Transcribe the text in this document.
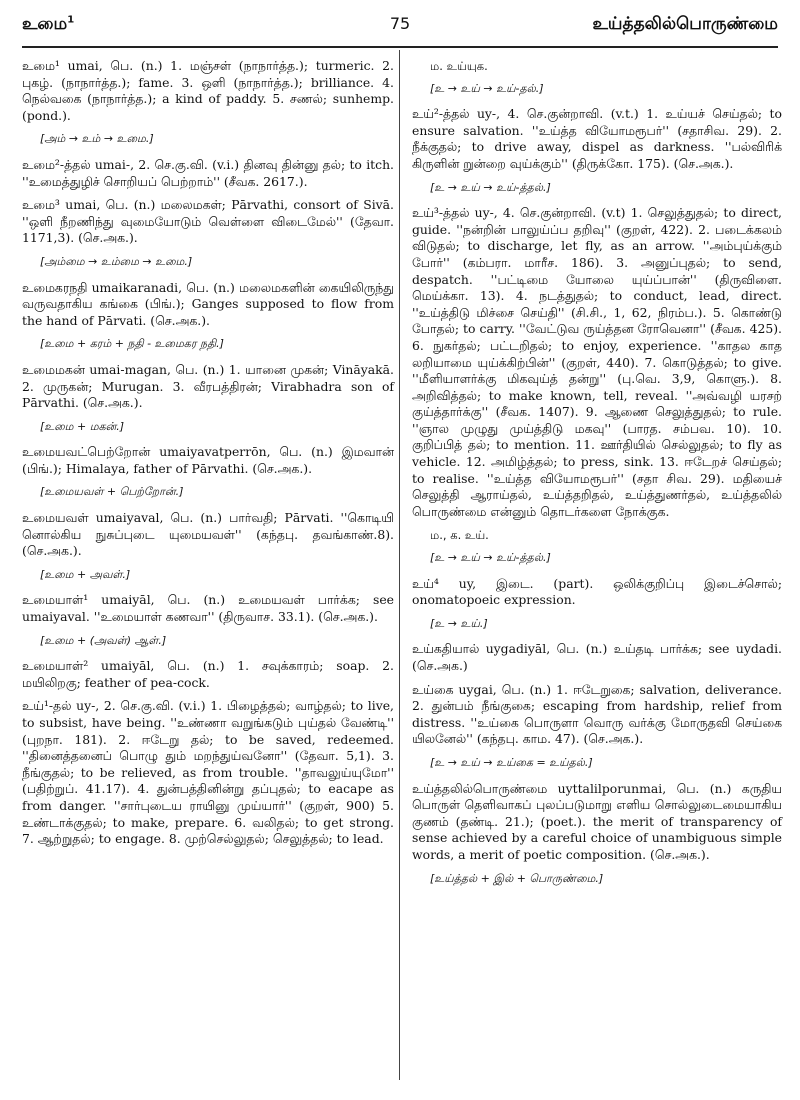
உமை$^1$	75	உய்த்தலில்பொருண்மை

உமை¹ umai, பெ. (n.) 1. மஞ்சள் (நாநார்த்த.); turmeric. 2. புகழ். (நாநார்த்த.); fame. 3. ஒளி (நாநார்த்த.); brilliance. 4. நெல்வகை (நாநார்த்த.); a kind of paddy. 5. சணல்; sunhemp. (pond.).

[அம் → உம் → உமை.]

உமை²-த்தல் umai-, 2. செ.கு.வி. (v.i.) தினவு தின்னு தல்; to itch. ''உமைத்துழிச் சொறியப் பெற்றாம்'' (சீவக. 2617.).

உமை³ umai, பெ. (n.) மலைமகள்; Pārvathi, consort of Sivā. ''ஒளி நீறணிந்து வுமையோடும் வெள்ளை விடைமேல்'' (தேவா. 1171,3). (செ.அக.).

[அம்மை → உம்மை → உமை.]

உமைகரநதி umaikaranadi, பெ. (n.) மலைமகளின் கையிலிருந்து வருவதாகிய கங்கை (பிங்.); Ganges supposed to flow from the hand of Pārvati. (செ.அக.).

[உமை + கரம் + நதி - உமைகர நதி.]

உமைமகன் umai-magan, பெ. (n.) 1. யானை முகன்; Vināyakā. 2. முருகன்; Murugan. 3. வீரபத்திரன்; Virabhadra son of Pārvathi. (செ.அக.).

[உமை + மகன்.]

உமையவட்பெற்றோன் umaiyavatperrōn, பெ. (n.) இமவான் (பிங்.); Himalaya, father of Pārvathi. (செ.அக.).

[உமையவள் + பெற்றோன்.]

உமையவள் umaiyaval, பெ. (n.) பார்வதி; Pārvati. ''கொடியி னொல்கிய நுசுப்புடை யுமையவள்'' (கந்தபு. தவங்காண்.8). (செ.அக.).

[உமை + அவள்.]

உமையாள்¹ umaiyāl, பெ. (n.) உமையவள் பார்க்க; see umaiyaval. ''உமையாள் கணவா'' (திருவாச. 33.1). (செ.அக.).

[உமை + (அவள்) ஆள்.]

உமையாள்² umaiyāl, பெ. (n.) 1. சவுக்காரம்; soap. 2. மயிலிறகு; feather of pea-cock.

உய்¹-தல் uy-, 2. செ.கு.வி. (v.i.) 1. பிழைத்தல்; வாழ்தல்; to live, to subsist, have being. ''உண்ணா வறுங்கடும் புய்தல் வேண்டி'' (புறநா. 181). 2. ஈடேறு தல்; to be saved, redeemed. ''தினைத்தனைப் பொழு தும் மறந்துய்வனோ'' (தேவா. 5,1). 3. நீங்குதல்; to be relieved, as from trouble. ''தாவலுய்யுமோ'' (பதிற்றுப். 41.17). 4. துன்பத்தினின்று தப்புதல்; to eacape as from danger. ''சார்புடைய ராயினு முய்யார்'' (குறள், 900) 5. உண்டாக்குதல்; to make, prepare. 6. வலிதல்; to get strong. 7. ஆற்றுதல்; to engage. 8. முற்செல்லுதல்; செலுத்தல்; to lead.

ம. உய்யுக.

[உ → உய் → உய்-தல்.]

உய்²-த்தல் uy-, 4. செ.குன்றாவி. (v.t.) 1. உய்யச் செய்தல்; to ensure salvation. ''உய்த்த வியோமரூபர்'' (சதாசிவ. 29). 2. நீக்குதல்; to drive away, dispel as darkness. ''பல்விரிக் கிருளின் றுன்றை வுய்க்கும்'' (திருக்கோ. 175). (செ.அக.).

[உ → உய் → உய்-த்தல்.]

உய்³-த்தல் uy-, 4. செ.குன்றாவி. (v.t) 1. செலுத்துதல்; to direct, guide. ''நன்றின் பாலுய்ப்ப தறிவு'' (குறள், 422). 2. படைக்கலம் விடுதல்; to discharge, let fly, as an arrow. ''அம்புய்க்கும் போர்'' (கம்பரா. மாரீச. 186). 3. அனுப்புதல்; to send, despatch. ''பட்டிமை யோலை யுய்ப்பான்'' (திருவிளை. மெய்க்கா. 13). 4. நடத்துதல்; to conduct, lead, direct. ''உய்த்திடு மிச்சை செய்தி'' (சி.சி., 1, 62, நிரம்ப.). 5. கொண்டு போதல்; to carry. ''வேட்டுவ ருய்த்தன ரோவெனா'' (சீவக. 425). 6. நுகர்தல்; பட்டறிதல்; to enjoy, experience. ''காதல காத லறியாமை யுய்க்கிற்பின்'' (குறள், 440). 7. கொடுத்தல்; to give. ''மீளியாளர்க்கு மிகவுய்த் தன்று'' (பு.வெ. 3,9, கொளு.). 8. அறிவித்தல்; to make known, tell, reveal. ''அவ்வழி யரசற் குய்த்தார்க்கு'' (சீவக. 1407). 9. ஆணை செலுத்துதல்; to rule. ''ஞால முழுது முய்த்திடு மகவு'' (பாரத. சம்பவ. 10). 10. குறிப்பித் தல்; to mention. 11. ஊர்தியில் செல்லுதல்; to fly as vehicle. 12. அமிழ்த்தல்; to press, sink. 13. ஈடேறச் செய்தல்; to realise. ''உய்த்த வியோமரூபர்'' (சதா சிவ. 29). மதியைச் செலுத்தி ஆராய்தல், உய்த்தறிதல், உய்த்துணர்தல், உய்த்தலில் பொருண்மை என்னும் தொடர்களை நோக்குக.

ம., க. உய்.

[உ → உய் → உய்-த்தல்.]

உய்⁴ uy, இடை. (part). ஒலிக்குறிப்பு இடைச்சொல்; onomatopoeic expression.

[உ → உய்.]

உய்கதியால் uygadiyāl, பெ. (n.) உய்தடி பார்க்க; see uydadi. (செ.அக.)

உய்கை uygai, பெ. (n.) 1. ஈடேறுகை; salvation, deliverance. 2. துன்பம் நீங்குகை; escaping from hardship, relief from distress. ''உய்கை பொருளா வொரு வர்க்கு மோருதவி செய்கை யிலனேல்'' (கந்தபு. காம. 47). (செ.அக.).

[உ → உய் → உய்கை = உய்தல்.]

உய்த்தலில்பொருண்மை uyttalilporunmai, பெ. (n.) கருதிய பொருள் தெளிவாகப் புலப்படுமாறு எளிய சொல்லுடைமையாகிய குணம் (தண்டி. 21.); (poet.). the merit of transparency of sense achieved by a careful choice of unambiguous simple words, a merit of poetic composition. (செ.அக.).

[உய்த்தல் + இல் + பொருண்மை.]
